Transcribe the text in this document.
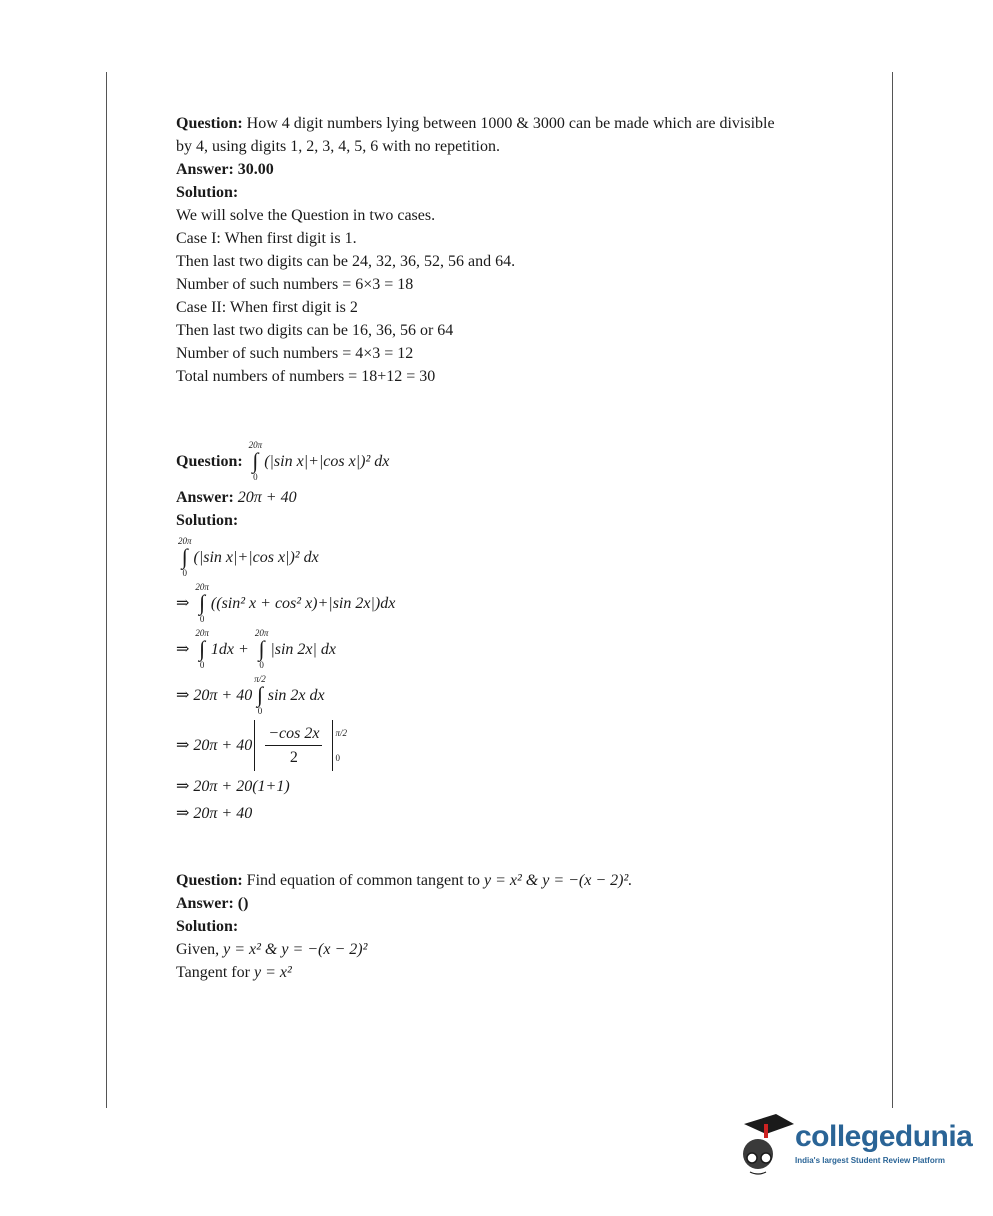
Question: How 4 digit numbers lying between 1000 & 3000 can be made which are divisible
by 4, using digits 1, 2, 3, 4, 5, 6 with no repetition.
Answer: 30.00
Solution:
We will solve the Question in two cases.
Case I: When first digit is 1.
Then last two digits can be 24, 32, 36, 52, 56 and 64.
Number of such numbers = 6×3 = 18
Case II: When first digit is 2
Then last two digits can be 16, 36, 56 or 64
Number of such numbers = 4×3 = 12
Total numbers of numbers = 18+12 = 30
Question:

20π
∫
0
(|sin x|+|cos x|)² dx
Answer: 20π + 40
Solution:
20π
∫
0
(|sin x|+|cos x|)² dx
⇒

20π
∫
0
((sin² x + cos² x)+|sin 2x|)dx
⇒

20π
∫
0
1dx +

20π
∫
0
|sin 2x| dx
⇒ 20π + 40
π/2
∫
0
sin 2x dx
⇒ $20\pi + 40 \frac{-\cos 2x}{2} \pi/2$
0
⇒ 20π + 20(1+1)
⇒ 20π + 40
Question: Find equation of common tangent to y = x² & y = −(x − 2)².
Answer: ()
Solution:
Given, y = x² & y = −(x − 2)²
Tangent for y = x²
collegedunia
India's largest Student Review Platform
